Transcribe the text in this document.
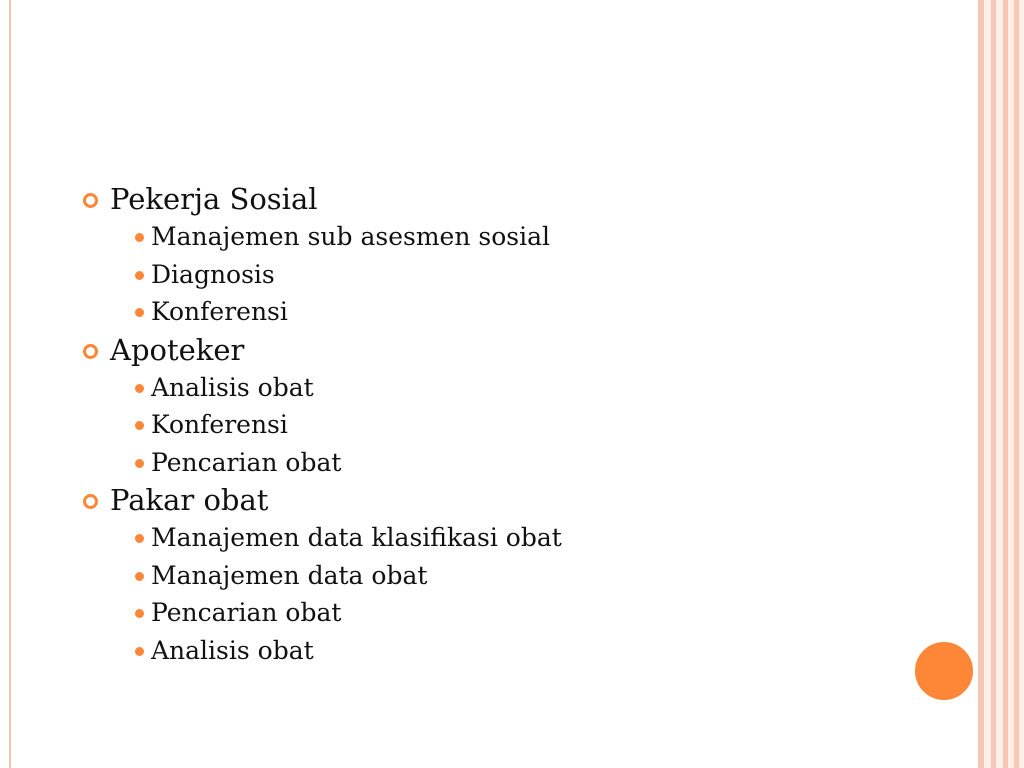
Pekerja Sosial
Manajemen sub asesmen sosial
Diagnosis
Konferensi
Apoteker
Analisis obat
Konferensi
Pencarian obat
Pakar obat
Manajemen data klasifikasi obat
Manajemen data obat
Pencarian obat
Analisis obat
